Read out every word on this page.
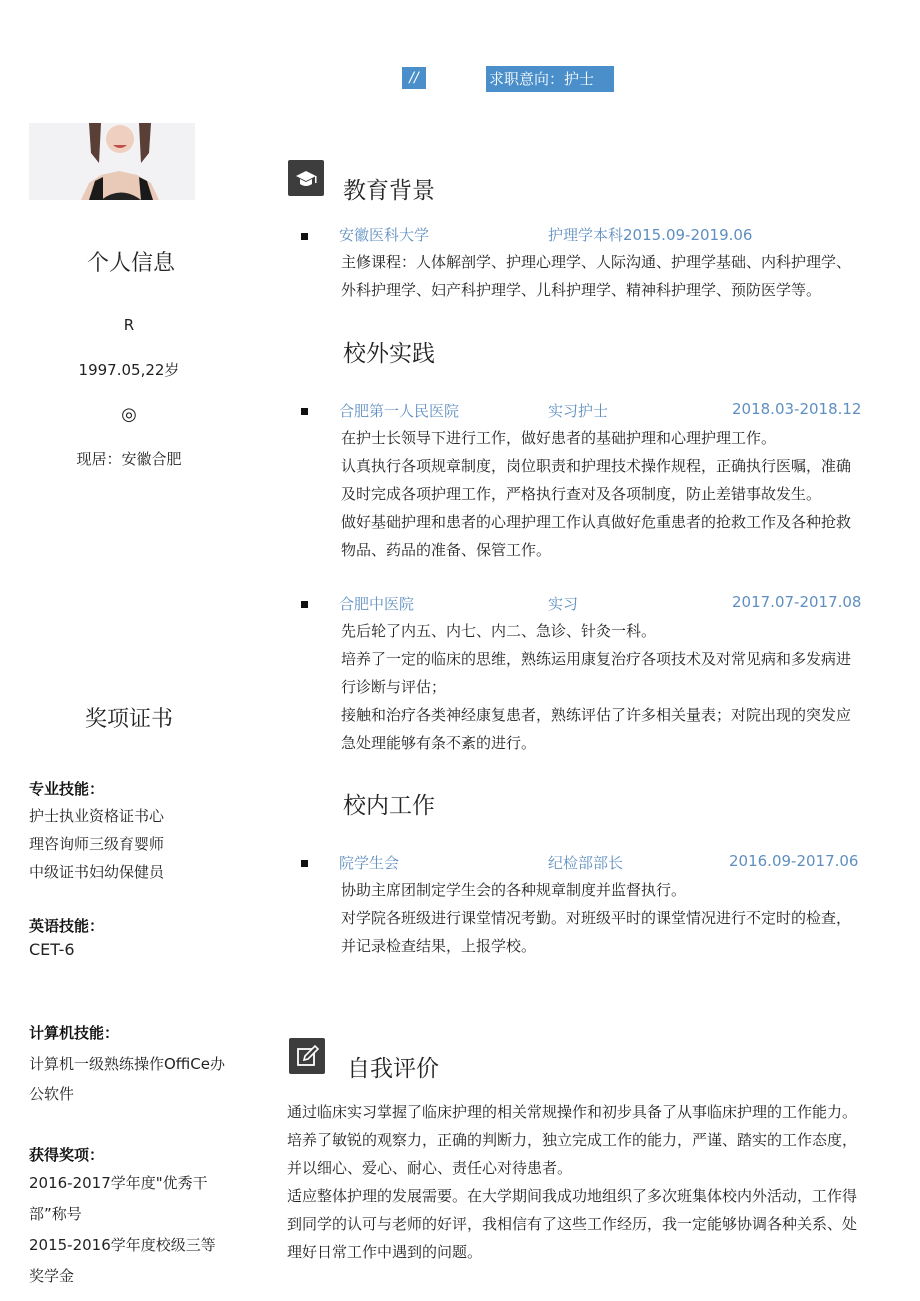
//	求职意向：护士
个人信息
R
1997.05,22岁
◎
现居：安徽合肥
奖项证书
专业技能：
护士执业资格证书心
理咨询师三级育婴师
中级证书妇幼保健员
英语技能：
CET-6
计算机技能：
计算机一级熟练操作OffiCe办
公软件
获得奖项：
2016-2017学年度"优秀干
部”称号
2015-2016学年度校级三等
奖学金
教育背景
安徽医科大学	护理学本科2015.09-2019.06
主修课程：人体解剖学、护理心理学、人际沟通、护理学基础、内科护理学、
外科护理学、妇产科护理学、儿科护理学、精神科护理学、预防医学等。
校外实践
合肥第一人民医院	实习护士	2018.03-2018.12
在护士长领导下进行工作，做好患者的基础护理和心理护理工作。
认真执行各项规章制度，岗位职责和护理技术操作规程，正确执行医嘱，准确
及时完成各项护理工作，严格执行查对及各项制度，防止差错事故发生。
做好基础护理和患者的心理护理工作认真做好危重患者的抢救工作及各种抢救
物品、药品的准备、保管工作。
合肥中医院	实习	2017.07-2017.08
先后轮了内五、内七、内二、急诊、针灸一科。
培养了一定的临床的思维，熟练运用康复治疗各项技术及对常见病和多发病进
行诊断与评估；
接触和治疗各类神经康复患者，熟练评估了许多相关量表；对院出现的突发应
急处理能够有条不紊的进行。
校内工作
院学生会	纪检部部长	2016.09-2017.06
协助主席团制定学生会的各种规章制度并监督执行。
对学院各班级进行课堂情况考勤。对班级平时的课堂情况进行不定时的检查，
并记录检查结果，上报学校。
自我评价
通过临床实习掌握了临床护理的相关常规操作和初步具备了从事临床护理的工作能力。
培养了敏锐的观察力，正确的判断力，独立完成工作的能力，严谨、踏实的工作态度，
并以细心、爱心、耐心、责任心对待患者。
适应整体护理的发展需要。在大学期间我成功地组织了多次班集体校内外活动，工作得
到同学的认可与老师的好评，我相信有了这些工作经历，我一定能够协调各种关系、处
理好日常工作中遇到的问题。
